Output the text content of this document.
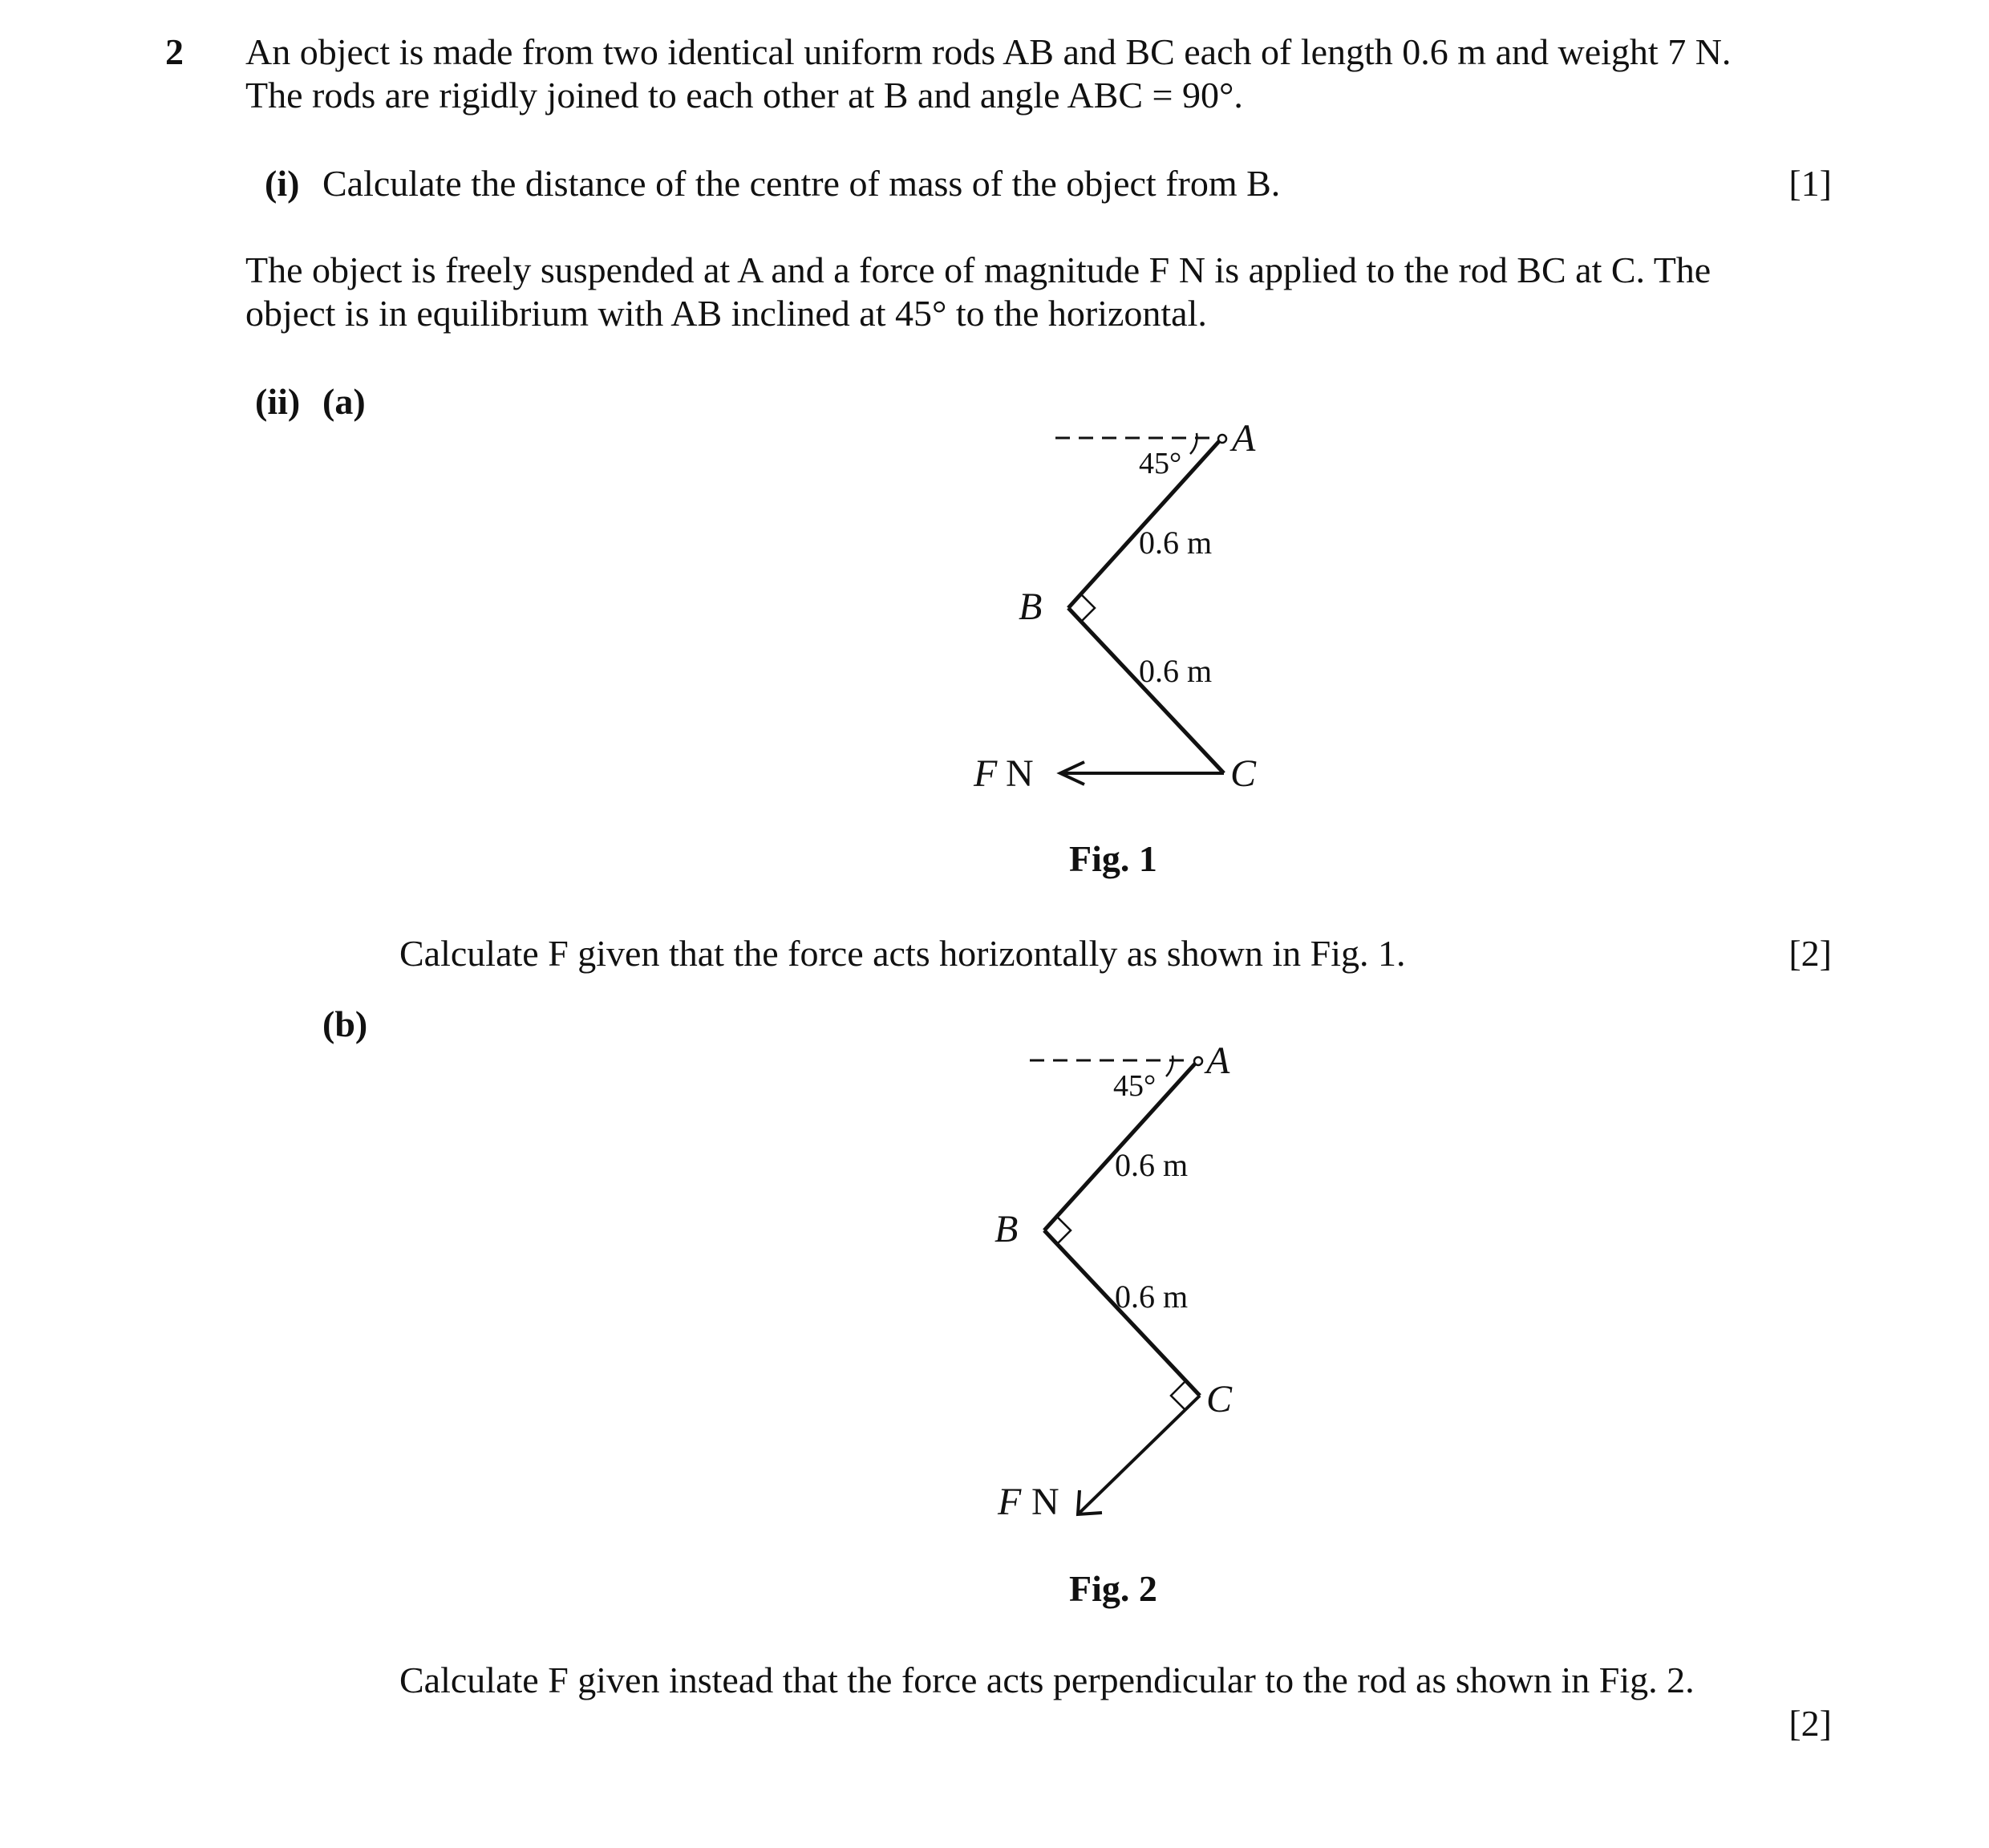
2 An object is made from two identical uniform rods AB and BC each of length 0.6 m and weight 7 N.
The rods are rigidly joined to each other at B and angle ABC = 90°.
(i) Calculate the distance of the centre of mass of the object from B.	[1]
The object is freely suspended at A and a force of magnitude F N is applied to the rod BC at C. The
object is in equilibrium with AB inclined at 45° to the horizontal.
(ii) (a)
A
45°
0.6 m
B
0.6 m
C
F N
Fig. 1
Calculate F given that the force acts horizontally as shown in Fig. 1.	[2]
(b)
A
45°
0.6 m
B
0.6 m
C
F N
Fig. 2
Calculate F given instead that the force acts perpendicular to the rod as shown in Fig. 2.
[2]
